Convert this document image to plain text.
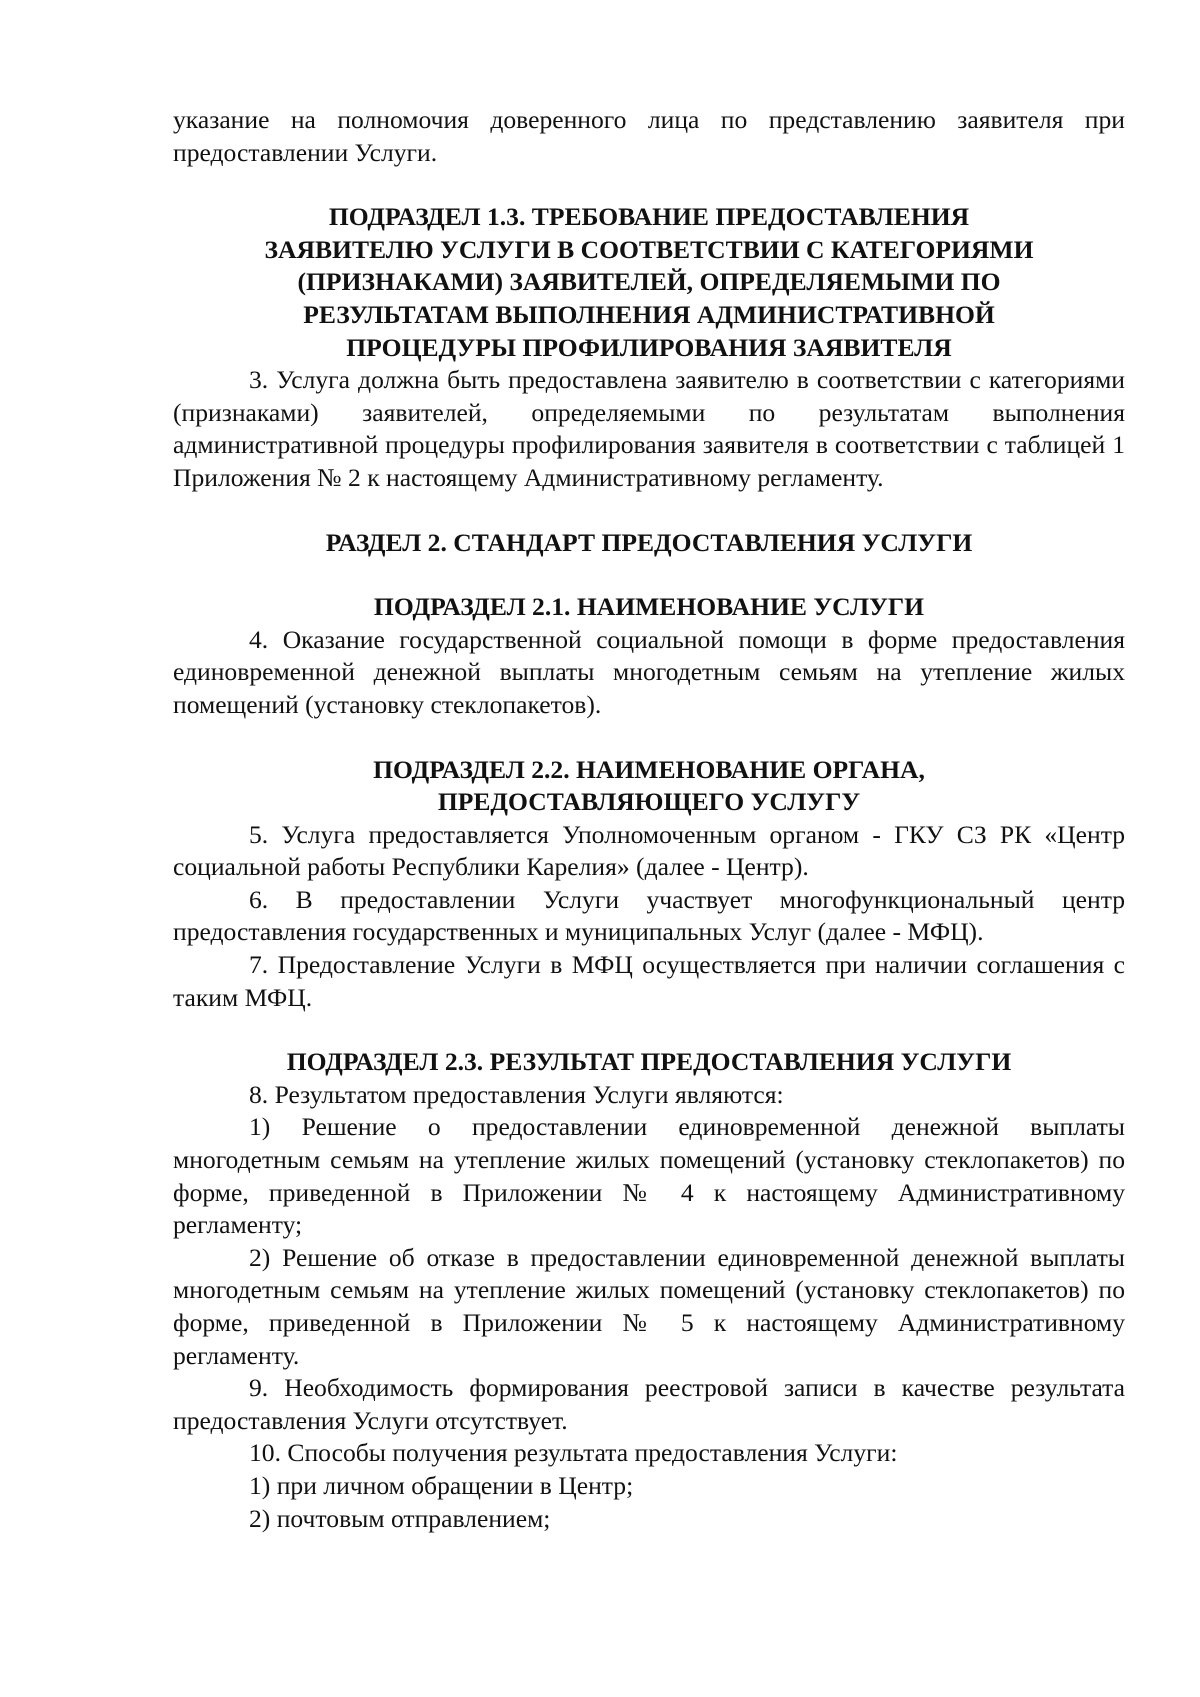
указание на полномочия доверенного лица по представлению заявителя при предоставлении Услуги.

ПОДРАЗДЕЛ 1.3. ТРЕБОВАНИЕ ПРЕДОСТАВЛЕНИЯ

ЗАЯВИТЕЛЮ УСЛУГИ В СООТВЕТСТВИИ С КАТЕГОРИЯМИ

(ПРИЗНАКАМИ) ЗАЯВИТЕЛЕЙ, ОПРЕДЕЛЯЕМЫМИ ПО

РЕЗУЛЬТАТАМ ВЫПОЛНЕНИЯ АДМИНИСТРАТИВНОЙ

ПРОЦЕДУРЫ ПРОФИЛИРОВАНИЯ ЗАЯВИТЕЛЯ

3. Услуга должна быть предоставлена заявителю в соответствии с категориями (признаками) заявителей, определяемыми по результатам выполнения административной процедуры профилирования заявителя в соответствии с таблицей 1 Приложения № 2 к настоящему Административному регламенту.

РАЗДЕЛ 2. СТАНДАРТ ПРЕДОСТАВЛЕНИЯ УСЛУГИ

ПОДРАЗДЕЛ 2.1. НАИМЕНОВАНИЕ УСЛУГИ

4. Оказание государственной социальной помощи в форме предоставления единовременной денежной выплаты многодетным семьям на утепление жилых помещений (установку стеклопакетов).

ПОДРАЗДЕЛ 2.2. НАИМЕНОВАНИЕ ОРГАНА,

ПРЕДОСТАВЛЯЮЩЕГО УСЛУГУ

5. Услуга предоставляется Уполномоченным органом - ГКУ СЗ РК «Центр социальной работы Республики Карелия» (далее - Центр).

6. В предоставлении Услуги участвует многофункциональный центр предоставления государственных и муниципальных Услуг (далее - МФЦ).

7. Предоставление Услуги в МФЦ осуществляется при наличии соглашения с таким МФЦ.

ПОДРАЗДЕЛ 2.3. РЕЗУЛЬТАТ ПРЕДОСТАВЛЕНИЯ УСЛУГИ

8. Результатом предоставления Услуги являются:

1) Решение о предоставлении единовременной денежной выплаты многодетным семьям на утепление жилых помещений (установку стеклопакетов) по форме, приведенной в Приложении № 4 к настоящему Административному регламенту;

2) Решение об отказе в предоставлении единовременной денежной выплаты многодетным семьям на утепление жилых помещений (установку стеклопакетов) по форме, приведенной в Приложении № 5 к настоящему Административному регламенту.

9. Необходимость формирования реестровой записи в качестве результата предоставления Услуги отсутствует.

10. Способы получения результата предоставления Услуги:

1) при личном обращении в Центр;

2) почтовым отправлением;
